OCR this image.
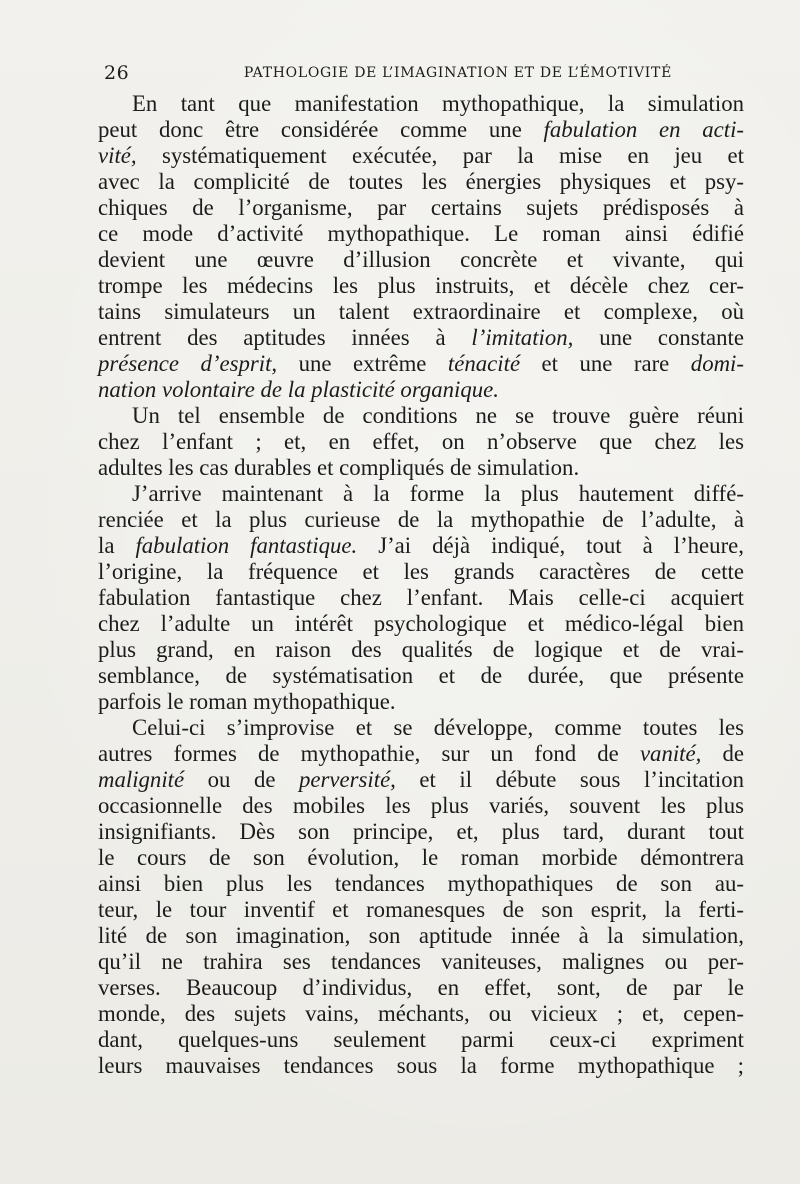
26	PATHOLOGIE DE L’IMAGINATION ET DE L’ÉMOTIVITÉ
En tant que manifestation mythopathique, la simulation
peut donc être considérée comme une fabulation en acti-
vité, systématiquement exécutée, par la mise en jeu et
avec la complicité de toutes les énergies physiques et psy-
chiques de l’organisme, par certains sujets prédisposés à
ce mode d’activité mythopathique. Le roman ainsi édifié
devient une œuvre d’illusion concrète et vivante, qui
trompe les médecins les plus instruits, et décèle chez cer-
tains simulateurs un talent extraordinaire et complexe, où
entrent des aptitudes innées à l’imitation, une constante
présence d’esprit, une extrême ténacité et une rare domi-
nation volontaire de la plasticité organique.
Un tel ensemble de conditions ne se trouve guère réuni
chez l’enfant ; et, en effet, on n’observe que chez les
adultes les cas durables et compliqués de simulation.
J’arrive maintenant à la forme la plus hautement diffé-
renciée et la plus curieuse de la mythopathie de l’adulte, à
la fabulation fantastique. J’ai déjà indiqué, tout à l’heure,
l’origine, la fréquence et les grands caractères de cette
fabulation fantastique chez l’enfant. Mais celle-ci acquiert
chez l’adulte un intérêt psychologique et médico-légal bien
plus grand, en raison des qualités de logique et de vrai-
semblance, de systématisation et de durée, que présente
parfois le roman mythopathique.
Celui-ci s’improvise et se développe, comme toutes les
autres formes de mythopathie, sur un fond de vanité, de
malignité ou de perversité, et il débute sous l’incitation
occasionnelle des mobiles les plus variés, souvent les plus
insignifiants. Dès son principe, et, plus tard, durant tout
le cours de son évolution, le roman morbide démontrera
ainsi bien plus les tendances mythopathiques de son au-
teur, le tour inventif et romanesques de son esprit, la ferti-
lité de son imagination, son aptitude innée à la simulation,
qu’il ne trahira ses tendances vaniteuses, malignes ou per-
verses. Beaucoup d’individus, en effet, sont, de par le
monde, des sujets vains, méchants, ou vicieux ; et, cepen-
dant, quelques-uns seulement parmi ceux-ci expriment
leurs mauvaises tendances sous la forme mythopathique ;
